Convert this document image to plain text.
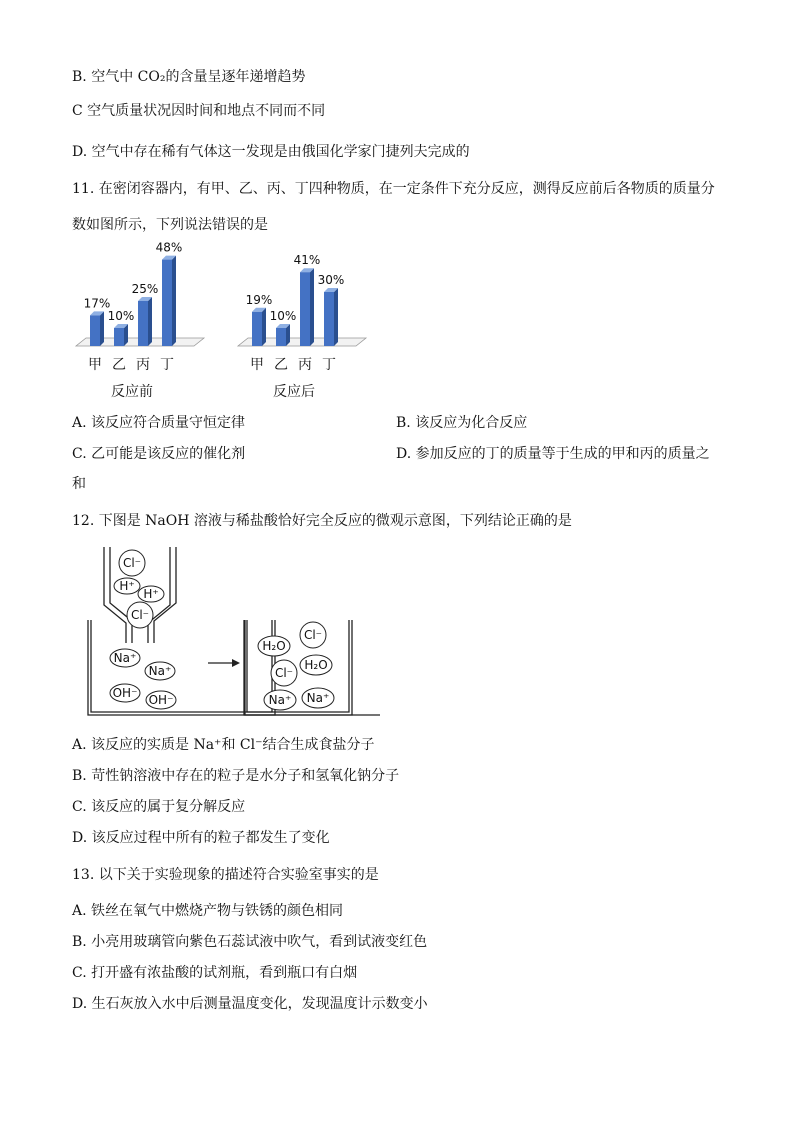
B. 空气中 CO₂的含量呈逐年递增趋势
C 空气质量状况因时间和地点不同而不同
D. 空气中存在稀有气体这一发现是由俄国化学家门捷列夫完成的
11. 在密闭容器内，有甲、乙、丙、丁四种物质，在一定条件下充分反应，测得反应前后各物质的质量分
数如图所示，下列说法错误的是
17%
甲
10%
乙
25%
丙
48%
丁
反应前
19%
甲
10%
乙
41%
丙
30%
丁
反应后
A. 该反应符合质量守恒定律	B. 该反应为化合反应
C. 乙可能是该反应的催化剂	D. 参加反应的丁的质量等于生成的甲和丙的质量之
和
12. 下图是 NaOH 溶液与稀盐酸恰好完全反应的微观示意图，下列结论正确的是
Cl⁻
H⁺
H⁺
Cl⁻
Na⁺
Na⁺
OH⁻ OH⁻
H₂O
Cl⁻
H₂O
Cl⁻
Na⁺ Na⁺
A. 该反应的实质是 Na⁺和 Cl⁻结合生成食盐分子
B. 苛性钠溶液中存在的粒子是水分子和氢氧化钠分子
C. 该反应的属于复分解反应
D. 该反应过程中所有的粒子都发生了变化
13. 以下关于实验现象的描述符合实验室事实的是
A. 铁丝在氧气中燃烧产物与铁锈的颜色相同
B. 小亮用玻璃管向紫色石蕊试液中吹气，看到试液变红色
C. 打开盛有浓盐酸的试剂瓶，看到瓶口有白烟
D. 生石灰放入水中后测量温度变化，发现温度计示数变小
